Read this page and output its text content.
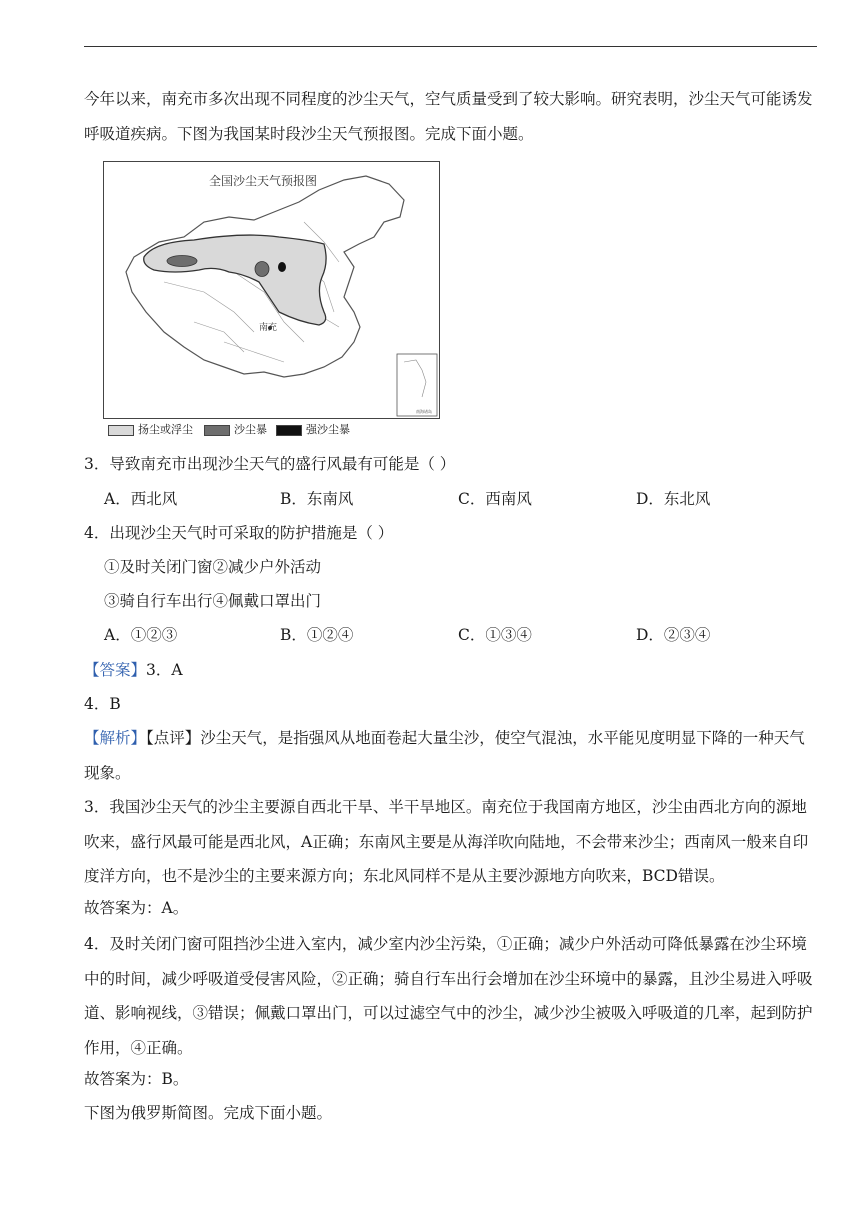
今年以来，南充市多次出现不同程度的沙尘天气，空气质量受到了较大影响。研究表明，沙尘天气可能诱发呼吸道疾病。下图为我国某时段沙尘天气预报图。完成下面小题。

南充
全国沙尘天气预报图
南海诸岛
扬尘或浮尘	沙尘暴	强沙尘暴
3．导致南充市出现沙尘天气的盛行风最有可能是（ ）
A．西北风	B．东南风	C．西南风	D．东北风
4．出现沙尘天气时可采取的防护措施是（ ）
①及时关闭门窗②减少户外活动
③骑自行车出行④佩戴口罩出门
A．①②③	B．①②④	C．①③④	D．②③④
【答案】3．A
4．B

【解析】【点评】沙尘天气，是指强风从地面卷起大量尘沙，使空气混浊，水平能见度明显下降的一种天气现象。

3．我国沙尘天气的沙尘主要源自西北干旱、半干旱地区。南充位于我国南方地区，沙尘由西北方向的源地吹来，盛行风最可能是西北风，A正确；东南风主要是从海洋吹向陆地，不会带来沙尘；西南风一般来自印度洋方向，也不是沙尘的主要来源方向；东北风同样不是从主要沙源地方向吹来，BCD错误。

故答案为：A。

4．及时关闭门窗可阻挡沙尘进入室内，减少室内沙尘污染，①正确；减少户外活动可降低暴露在沙尘环境中的时间，减少呼吸道受侵害风险，②正确；骑自行车出行会增加在沙尘环境中的暴露，且沙尘易进入呼吸道、影响视线，③错误；佩戴口罩出门，可以过滤空气中的沙尘，减少沙尘被吸入呼吸道的几率，起到防护作用，④正确。

故答案为：B。
下图为俄罗斯简图。完成下面小题。
